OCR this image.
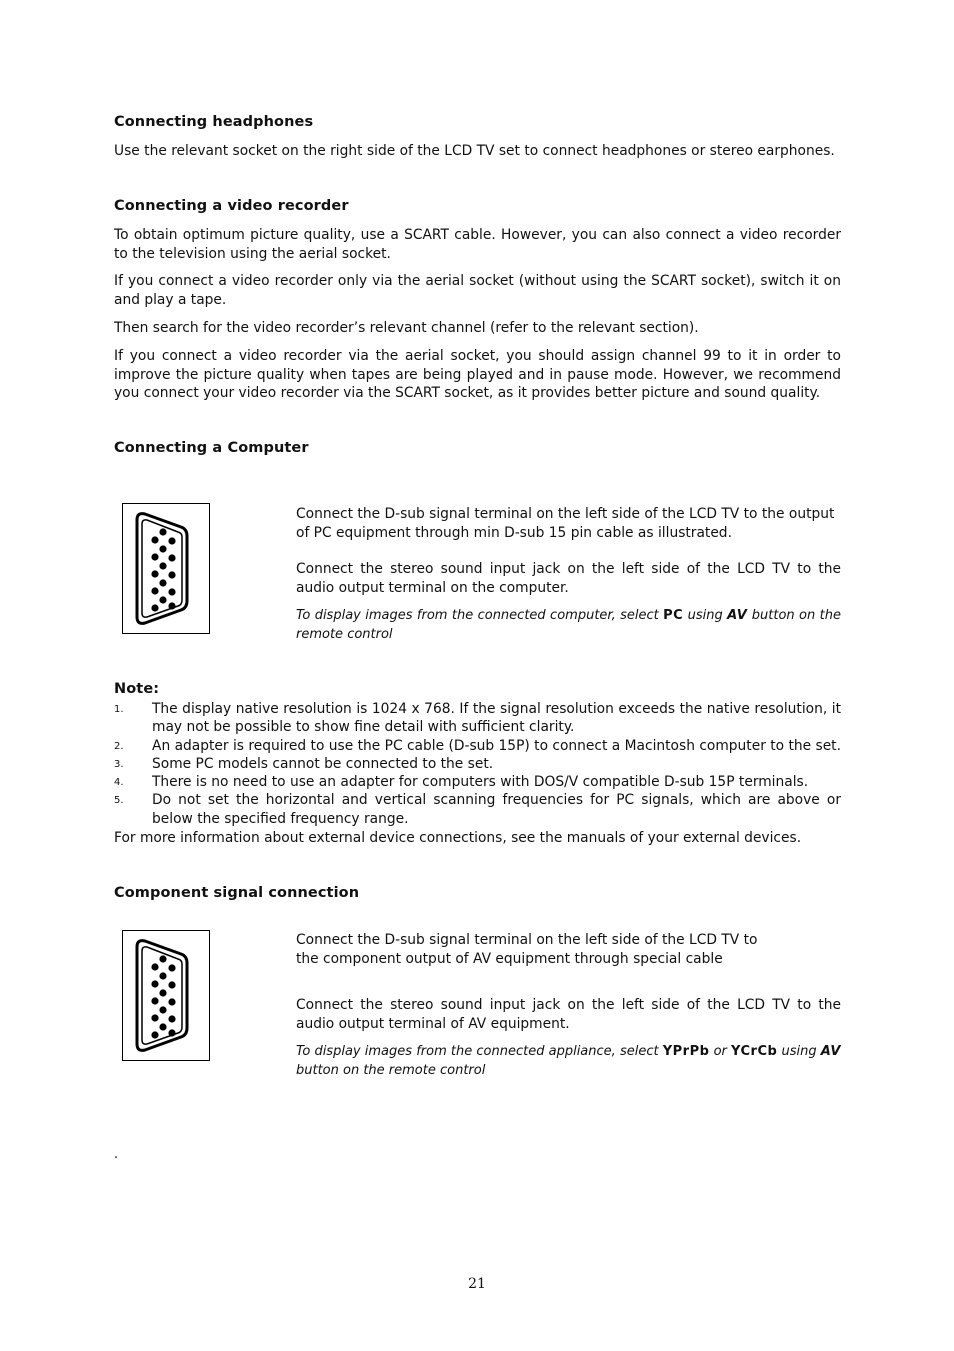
Connecting headphones
Use the relevant socket on the right side of the LCD TV set to connect headphones or stereo earphones.
Connecting a video recorder
To obtain optimum picture quality, use a SCART cable. However, you can also connect a video recorder to the television using the aerial socket.
If you connect a video recorder only via the aerial socket (without using the SCART socket), switch it on and play a tape.
Then search for the video recorder’s relevant channel (refer to the relevant section).
If you connect a video recorder via the aerial socket, you should assign channel 99 to it in order to improve the picture quality when tapes are being played and in pause mode. However, we recommend you connect your video recorder via the SCART socket, as it provides better picture and sound quality.
Connecting a Computer
Connect the D-sub signal terminal on the left side of the LCD TV to the output of PC equipment through min D-sub 15 pin cable as illustrated.
Connect the stereo sound input jack on the left side of the LCD TV to the audio output terminal on the computer.
To display images from the connected computer, select PC using AV button on the remote control
Note:
1. The display native resolution is 1024 x 768. If the signal resolution exceeds the native resolution, it may not be possible to show fine detail with sufficient clarity.
2. An adapter is required to use the PC cable (D-sub 15P) to connect a Macintosh computer to the set.
3. Some PC models cannot be connected to the set.
4. There is no need to use an adapter for computers with DOS/V compatible D-sub 15P terminals.
5. Do not set the horizontal and vertical scanning frequencies for PC signals, which are above or below the specified frequency range.
For more information about external device connections, see the manuals of your external devices.
Component signal connection
Connect the D-sub signal terminal on the left side of the LCD TV to the component output of AV equipment through special cable
Connect the stereo sound input jack on the left side of the LCD TV to the audio output terminal of AV equipment.
To display images from the connected appliance, select YPrPb or YCrCb using AV button on the remote control
.
21
